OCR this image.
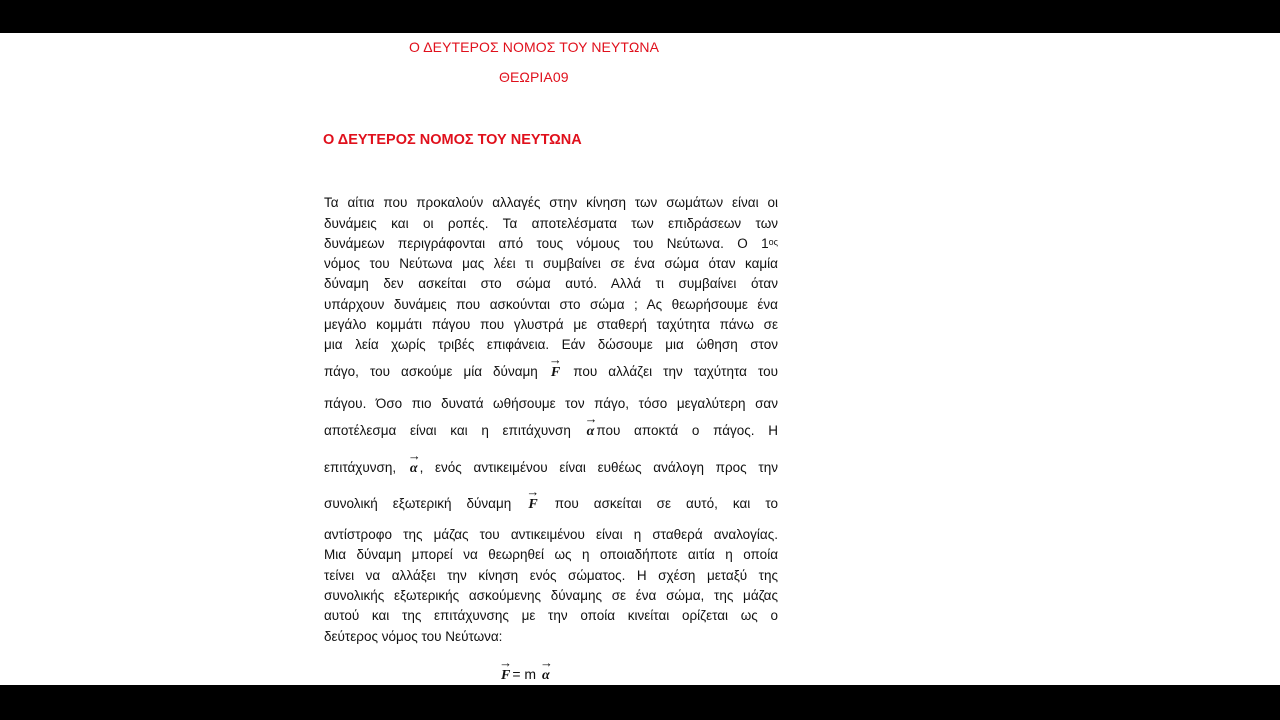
Ο ΔΕΥΤΕΡΟΣ ΝΟΜΟΣ ΤΟΥ ΝΕΥΤΩΝΑ
ΘΕΩΡΙΑ09
Ο ΔΕΥΤΕΡΟΣ ΝΟΜΟΣ ΤΟΥ ΝΕΥΤΩΝΑ
Τα αίτια που προκαλούν αλλαγές στην κίνηση των σωμάτων είναι οι
δυνάμεις και οι ροπές. Τα αποτελέσματα των επιδράσεων των
δυνάμεων περιγράφονται από τους νόμους του Νεύτωνα. Ο $1^{o\varsigma}$
νόμος του Νεύτωνα μας λέει τι συμβαίνει σε ένα σώμα όταν καμία
δύναμη δεν ασκείται στο σώμα αυτό. Αλλά τι συμβαίνει όταν
υπάρχουν δυνάμεις που ασκούνται στο σώμα ; Ας θεωρήσουμε ένα
μεγάλο κομμάτι πάγου που γλυστρά με σταθερή ταχύτητα πάνω σε
μια λεία χωρίς τριβές επιφάνεια. Εάν δώσουμε μια ώθηση στον
πάγο, του ασκούμε μία δύναμη → F που αλλάζει την ταχύτητα του
πάγου. Όσο πιο δυνατά ωθήσουμε τον πάγο, τόσο μεγαλύτερη σαν
αποτέλεσμα είναι και η επιτάχυνση → α που αποκτά ο πάγος. Η
επιτάχυνση, → α , ενός αντικειμένου είναι ευθέως ανάλογη προς την
συνολική εξωτερική δύναμη → F που ασκείται σε αυτό, και το
αντίστροφο της μάζας του αντικειμένου είναι η σταθερά αναλογίας.
Μια δύναμη μπορεί να θεωρηθεί ως η οποιαδήποτε αιτία η οποία
τείνει να αλλάξει την κίνηση ενός σώματος. Η σχέση μεταξύ της
συνολικής εξωτερικής ασκούμενης δύναμης σε ένα σώμα, της μάζας
αυτού και της επιτάχυνσης με την οποία κινείται ορίζεται ως ο
δεύτερος νόμος του Νεύτωνα:
→ F = m → α
